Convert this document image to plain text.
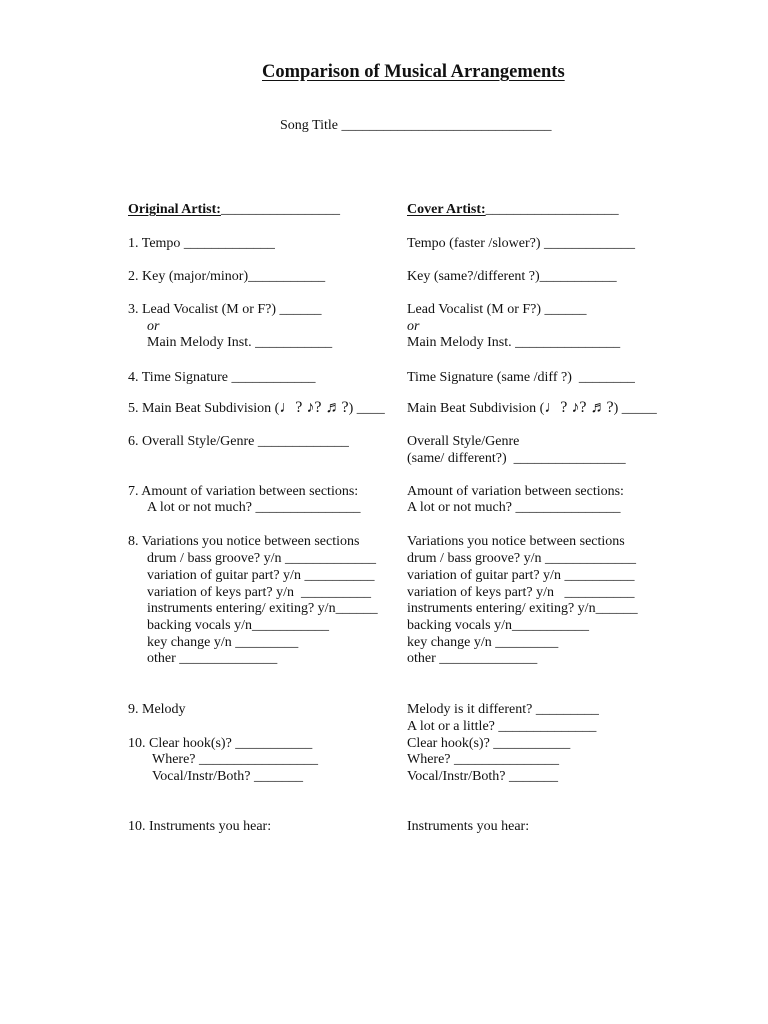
Comparison of Musical Arrangements
Song Title ______________________________
Original Artist:_________________
1. Tempo _____________
2. Key (major/minor)___________
3. Lead Vocalist (M or F?) ______
or
Main Melody Inst. ___________
4. Time Signature ____________
5. Main Beat Subdivision (♩? ♪? ♬?) ____
6. Overall Style/Genre _____________
7. Amount of variation between sections:
A lot or not much? _______________
8. Variations you notice between sections
drum / bass groove? y/n _____________
variation of guitar part? y/n __________
variation of keys part? y/n  __________
instruments entering/ exiting? y/n______
backing vocals y/n___________
key change y/n _________
other ______________
9. Melody
10. Clear hook(s)? ___________
Where? _________________
Vocal/Instr/Both? _______
10. Instruments you hear:
Cover Artist:___________________
Tempo (faster /slower?) _____________
Key (same?/different ?)___________
Lead Vocalist (M or F?) ______
or
Main Melody Inst. _______________
Time Signature (same /diff ?)  ________
Main Beat Subdivision (♩? ♪? ♬?) _____
Overall Style/Genre
(same/ different?)  ________________
Amount of variation between sections:
A lot or not much? _______________
Variations you notice between sections
drum / bass groove? y/n _____________
variation of guitar part? y/n __________
variation of keys part? y/n   __________
instruments entering/ exiting? y/n______
backing vocals y/n___________
key change y/n _________
other ______________
Melody is it different? _________
A lot or a little? ______________
Clear hook(s)? ___________
Where? _______________
Vocal/Instr/Both? _______
Instruments you hear:
